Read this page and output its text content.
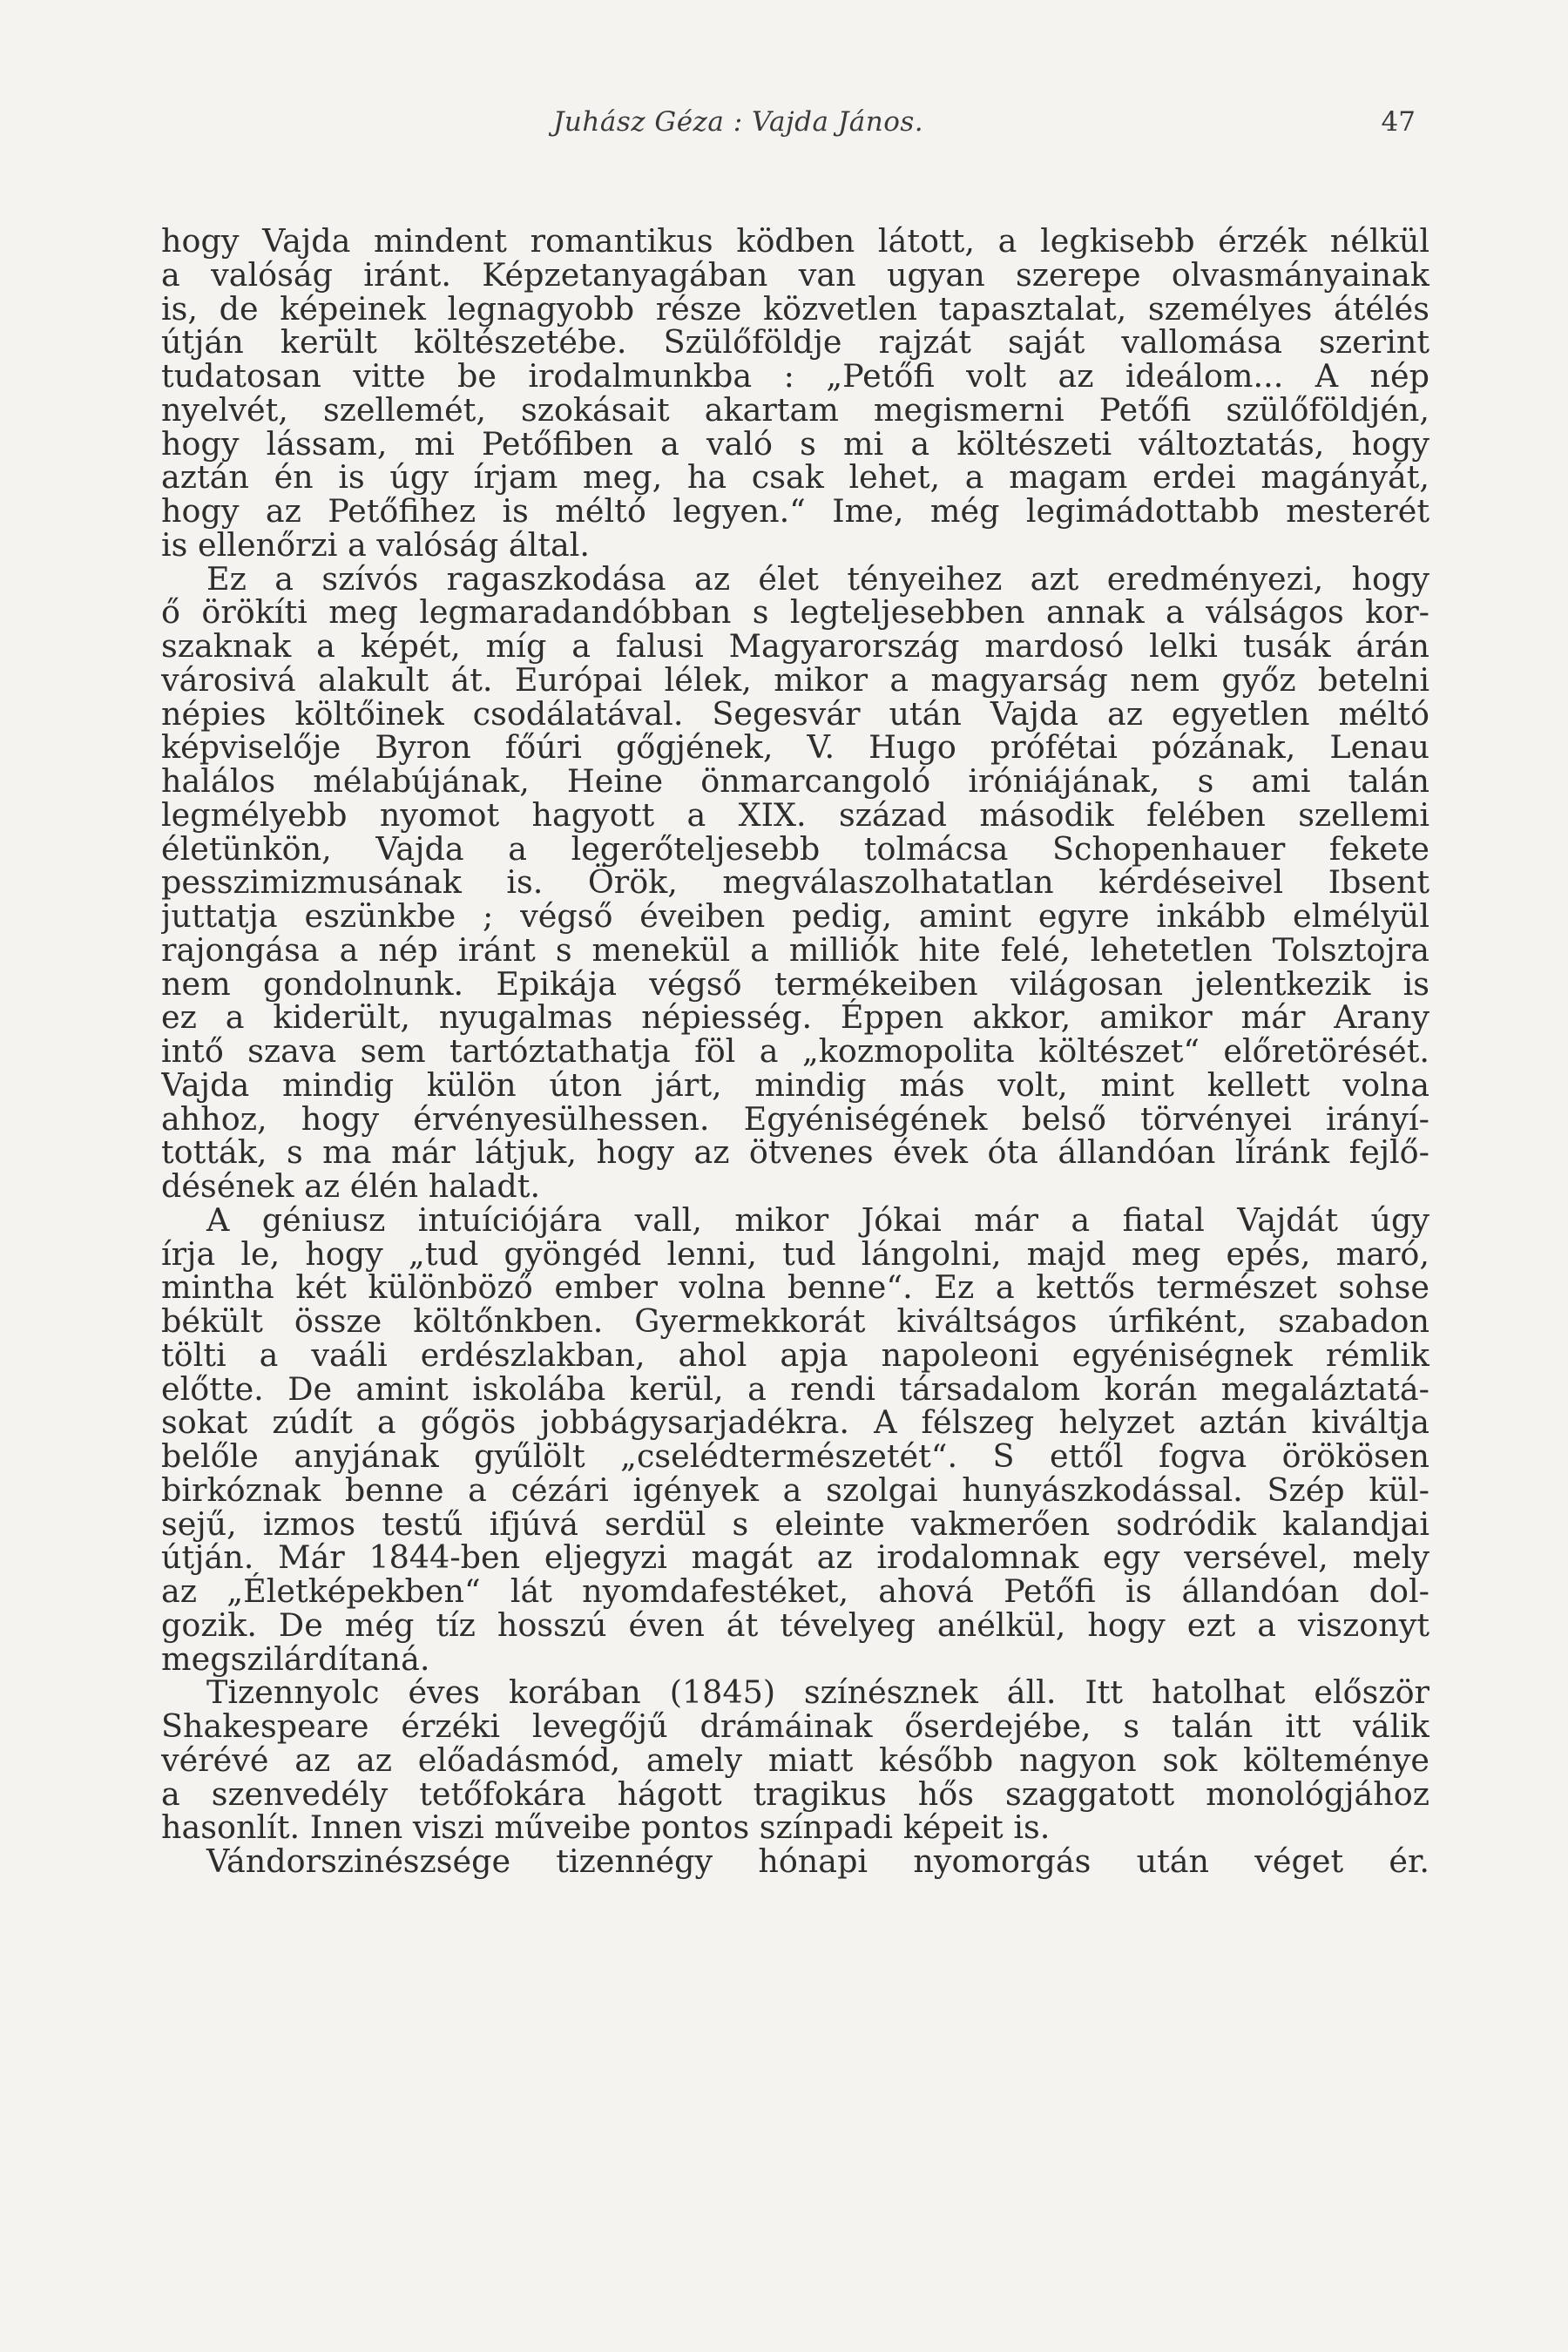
Juhász Géza : Vajda János.	47
hogy Vajda mindent romantikus ködben látott, a legkisebb érzék nélkül
a valóság iránt. Képzetanyagában van ugyan szerepe olvasmányainak
is, de képeinek legnagyobb része közvetlen tapasztalat, személyes átélés
útján került költészetébe. Szülőföldje rajzát saját vallomása szerint
tudatosan vitte be irodalmunkba : „Petőfi volt az ideálom... A nép
nyelvét, szellemét, szokásait akartam megismerni Petőfi szülőföldjén,
hogy lássam, mi Petőfiben a való s mi a költészeti változtatás, hogy
aztán én is úgy írjam meg, ha csak lehet, a magam erdei magányát,
hogy az Petőfihez is méltó legyen.“ Ime, még legimádottabb mesterét
is ellenőrzi a valóság által.
Ez a szívós ragaszkodása az élet tényeihez azt eredményezi, hogy
ő örökíti meg legmaradandóbban s legteljesebben annak a válságos kor-
szaknak a képét, míg a falusi Magyarország mardosó lelki tusák árán
városivá alakult át. Európai lélek, mikor a magyarság nem győz betelni
népies költőinek csodálatával. Segesvár után Vajda az egyetlen méltó
képviselője Byron főúri gőgjének, V. Hugo prófétai pózának, Lenau
halálos mélabújának, Heine önmarcangoló iróniájának, s ami talán
legmélyebb nyomot hagyott a XIX. század második felében szellemi
életünkön, Vajda a legerőteljesebb tolmácsa Schopenhauer fekete
pesszimizmusának is. Örök, megválaszolhatatlan kérdéseivel Ibsent
juttatja eszünkbe ; végső éveiben pedig, amint egyre inkább elmélyül
rajongása a nép iránt s menekül a milliók hite felé, lehetetlen Tolsztojra
nem gondolnunk. Epikája végső termékeiben világosan jelentkezik is
ez a kiderült, nyugalmas népiesség. Éppen akkor, amikor már Arany
intő szava sem tartóztathatja föl a „kozmopolita költészet“ előretörését.
Vajda mindig külön úton járt, mindig más volt, mint kellett volna
ahhoz, hogy érvényesülhessen. Egyéniségének belső törvényei irányí-
tották, s ma már látjuk, hogy az ötvenes évek óta állandóan líránk fejlő-
désének az élén haladt.
A géniusz intuíciójára vall, mikor Jókai már a fiatal Vajdát úgy
írja le, hogy „tud gyöngéd lenni, tud lángolni, majd meg epés, maró,
mintha két különböző ember volna benne“. Ez a kettős természet sohse
békült össze költőnkben. Gyermekkorát kiváltságos úrfiként, szabadon
tölti a vaáli erdészlakban, ahol apja napoleoni egyéniségnek rémlik
előtte. De amint iskolába kerül, a rendi társadalom korán megaláztatá-
sokat zúdít a gőgös jobbágysarjadékra. A félszeg helyzet aztán kiváltja
belőle anyjának gyűlölt „cselédtermészetét“. S ettől fogva örökösen
birkóznak benne a cézári igények a szolgai hunyászkodással. Szép kül-
sejű, izmos testű ifjúvá serdül s eleinte vakmerően sodródik kalandjai
útján. Már 1844-ben eljegyzi magát az irodalomnak egy versével, mely
az „Életképekben“ lát nyomdafestéket, ahová Petőfi is állandóan dol-
gozik. De még tíz hosszú éven át tévelyeg anélkül, hogy ezt a viszonyt
megszilárdítaná.
Tizennyolc éves korában (1845) színésznek áll. Itt hatolhat először
Shakespeare érzéki levegőjű drámáinak őserdejébe, s talán itt válik
vérévé az az előadásmód, amely miatt később nagyon sok költeménye
a szenvedély tetőfokára hágott tragikus hős szaggatott monológjához
hasonlít. Innen viszi műveibe pontos színpadi képeit is.
Vándorszinészsége tizennégy hónapi nyomorgás után véget ér.
